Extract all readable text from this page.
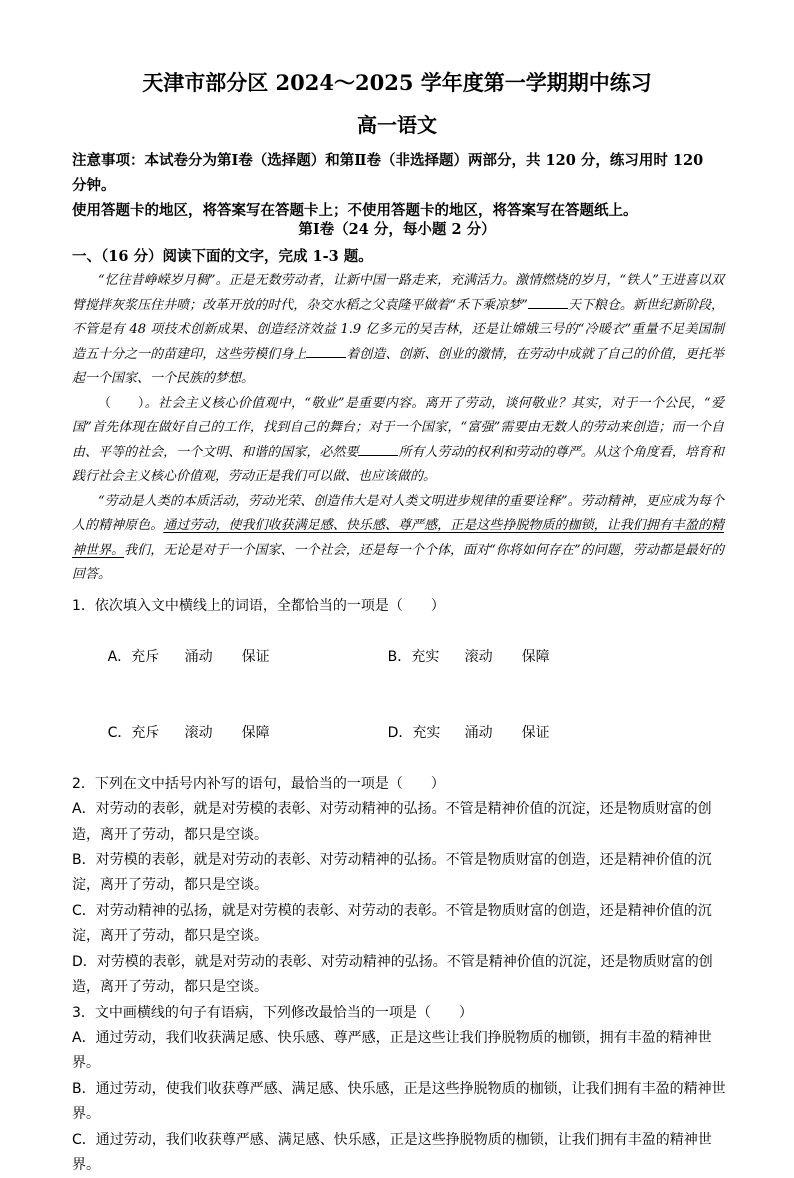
天津市部分区 2024～2025 学年度第一学期期中练习
高一语文

注意事项：本试卷分为第Ⅰ卷（选择题）和第Ⅱ卷（非选择题）两部分，共 120 分，练习用时 120 分钟。

使用答题卡的地区，将答案写在答题卡上；不使用答题卡的地区，将答案写在答题纸上。

第Ⅰ卷（24 分，每小题 2 分）
一、（16 分）阅读下面的文字，完成 1-3 题。

“忆往昔峥嵘岁月稠”。正是无数劳动者，让新中国一路走来，充满活力。激情燃烧的岁月，“铁人”王进喜以双臂搅拌灰浆压住井喷；改革开放的时代，杂交水稻之父袁隆平做着“禾下乘凉梦”	天下粮仓。新世纪新阶段，不管是有 48 项技术创新成果、创造经济效益 1.9 亿多元的吴吉林，还是让嫦娥三号的“冷暖衣”重量不足美国制造五十分之一的苗建印，这些劳模们身上	着创造、创新、创业的激情，在劳动中成就了自己的价值，更托举起一个国家、一个民族的梦想。

（　　）。社会主义核心价值观中，“敬业”是重要内容。离开了劳动，谈何敬业？其实，对于一个公民，“爱国”首先体现在做好自己的工作，找到自己的舞台；对于一个国家，“富强”需要由无数人的劳动来创造；而一个自由、平等的社会，一个文明、和谐的国家，必然要	所有人劳动的权利和劳动的尊严。从这个角度看，培育和践行社会主义核心价值观，劳动正是我们可以做、也应该做的。

“劳动是人类的本质活动，劳动光荣、创造伟大是对人类文明进步规律的重要诠释”。劳动精神，更应成为每个人的精神原色。通过劳动，使我们收获满足感、快乐感、尊严感，正是这些挣脱物质的枷锁，让我们拥有丰盈的精神世界。我们，无论是对于一个国家、一个社会，还是每一个个体，面对“你将如何存在”的问题，劳动都是最好的回答。

1．依次填入文中横线上的词语，全都恰当的一项是（　　）

A．充斥 涌动 保证
	B．充实 滚动 保障

C．充斥 滚动 保障
	D．充实 涌动 保证

2．下列在文中括号内补写的语句，最恰当的一项是（　　）

A．对劳动的表彰，就是对劳模的表彰、对劳动精神的弘扬。不管是精神价值的沉淀，还是物质财富的创造，离开了劳动，都只是空谈。

B．对劳模的表彰，就是对劳动的表彰、对劳动精神的弘扬。不管是物质财富的创造，还是精神价值的沉淀，离开了劳动，都只是空谈。

C．对劳动精神的弘扬，就是对劳模的表彰、对劳动的表彰。不管是物质财富的创造，还是精神价值的沉淀，离开了劳动，都只是空谈。

D．对劳模的表彰，就是对劳动的表彰、对劳动精神的弘扬。不管是精神价值的沉淀，还是物质财富的创造，离开了劳动，都只是空谈。

3．文中画横线的句子有语病，下列修改最恰当的一项是（　　）

A．通过劳动，我们收获满足感、快乐感、尊严感，正是这些让我们挣脱物质的枷锁，拥有丰盈的精神世界。

B．通过劳动，使我们收获尊严感、满足感、快乐感，正是这些挣脱物质的枷锁，让我们拥有丰盈的精神世界。

C．通过劳动，我们收获尊严感、满足感、快乐感，正是这些挣脱物质的枷锁，让我们拥有丰盈的精神世界。
